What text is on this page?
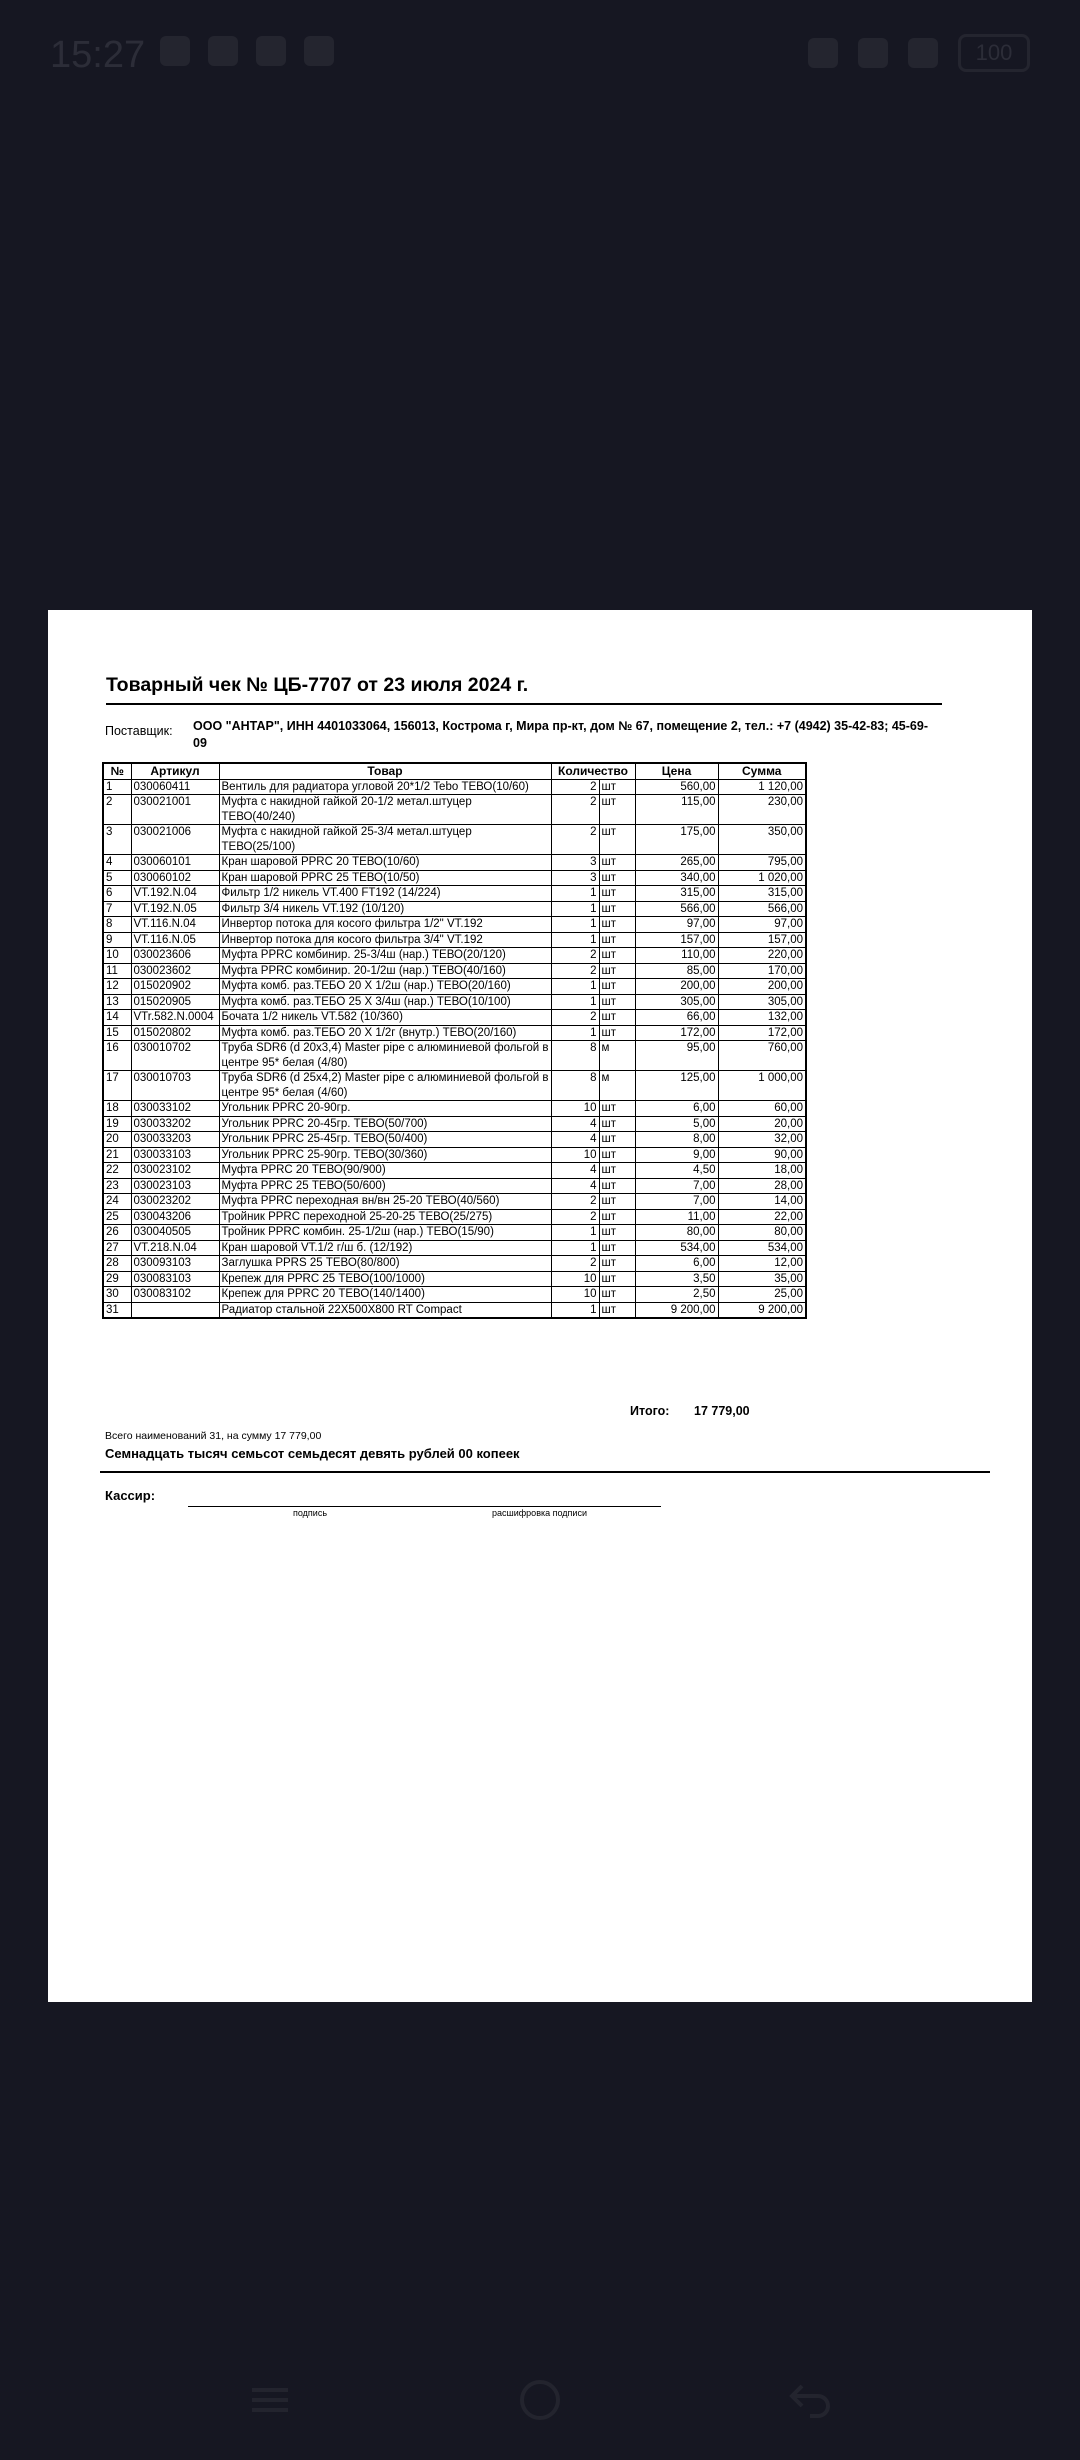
15:27	100
Товарный чек № ЦБ-7707 от 23 июля 2024 г.
Поставщик: ООО "АНТАР", ИНН 4401033064, 156013, Кострома г, Мира пр-кт, дом № 67, помещение 2, тел.: +7 (4942) 35-42-83; 45-69-09
№	Артикул	Товар	Количество		Цена	Сумма
1	030060411	Вентиль для радиатора угловой 20*1/2 Tebo ТЕВО(10/60)	2	шт	560,00	1 120,00
2	030021001	Муфта с накидной гайкой 20-1/2 метал.штуцер ТЕВО(40/240)	2	шт	115,00	230,00
3	030021006	Муфта с накидной гайкой 25-3/4 метал.штуцер ТЕВО(25/100)	2	шт	175,00	350,00
4	030060101	Кран шаровой PPRC 20 ТЕВО(10/60)	3	шт	265,00	795,00
5	030060102	Кран шаровой PPRC 25 ТЕВО(10/50)	3	шт	340,00	1 020,00
6	VT.192.N.04	Фильтр 1/2 никель VT.400 FT192 (14/224)	1	шт	315,00	315,00
7	VT.192.N.05	Фильтр 3/4 никель VT.192 (10/120)	1	шт	566,00	566,00
8	VT.116.N.04	Инвертор потока для косого фильтра 1/2" VT.192	1	шт	97,00	97,00
9	VT.116.N.05	Инвертор потока для косого фильтра 3/4" VT.192	1	шт	157,00	157,00
10	030023606	Муфта PPRC комбинир. 25-3/4ш (нар.) ТЕВО(20/120)	2	шт	110,00	220,00
11	030023602	Муфта PPRC комбинир. 20-1/2ш (нар.) ТЕВО(40/160)	2	шт	85,00	170,00
12	015020902	Муфта комб. раз.ТЕБО 20 Х 1/2ш (нар.) ТЕВО(20/160)	1	шт	200,00	200,00
13	015020905	Муфта комб. раз.ТЕБО 25 Х 3/4ш (нар.) ТЕВО(10/100)	1	шт	305,00	305,00
14	VTr.582.N.0004	Бочата 1/2 никель VT.582 (10/360)	2	шт	66,00	132,00
15	015020802	Муфта комб. раз.ТЕБО 20 Х 1/2г (внутр.) ТЕВО(20/160)	1	шт	172,00	172,00
16	030010702	Труба SDR6 (d 20x3,4) Master pipe с алюминиевой фольгой в центре 95* белая (4/80)	8	м	95,00	760,00
17	030010703	Труба SDR6 (d 25x4,2) Master pipe с алюминиевой фольгой в центре 95* белая (4/60)	8	м	125,00	1 000,00
18	030033102	Угольник PPRC 20-90гр.	10	шт	6,00	60,00
19	030033202	Угольник PPRC 20-45гр. ТЕВО(50/700)	4	шт	5,00	20,00
20	030033203	Угольник PPRC 25-45гр. ТЕВО(50/400)	4	шт	8,00	32,00
21	030033103	Угольник PPRC 25-90гр. ТЕВО(30/360)	10	шт	9,00	90,00
22	030023102	Муфта PPRC 20 ТЕВО(90/900)	4	шт	4,50	18,00
23	030023103	Муфта PPRC 25 ТЕВО(50/600)	4	шт	7,00	28,00
24	030023202	Муфта PPRC переходная вн/вн 25-20 ТЕВО(40/560)	2	шт	7,00	14,00
25	030043206	Тройник PPRC переходной 25-20-25 ТЕВО(25/275)	2	шт	11,00	22,00
26	030040505	Тройник PPRC комбин. 25-1/2ш (нар.) ТЕВО(15/90)	1	шт	80,00	80,00
27	VT.218.N.04	Кран шаровой VT.1/2 г/ш б. (12/192)	1	шт	534,00	534,00
28	030093103	Заглушка PPRS 25 ТЕВО(80/800)	2	шт	6,00	12,00
29	030083103	Крепеж для PPRC 25 ТЕВО(100/1000)	10	шт	3,50	35,00
30	030083102	Крепеж для PPRC 20 ТЕВО(140/1400)	10	шт	2,50	25,00
31		Радиатор стальной 22X500X800 RT Compact	1	шт	9 200,00	9 200,00
Итого: 17 779,00
Всего наименований 31, на сумму 17 779,00
Семнадцать тысяч семьсот семьдесят девять рублей 00 копеек
Кассир:
подпись	расшифровка подписи
